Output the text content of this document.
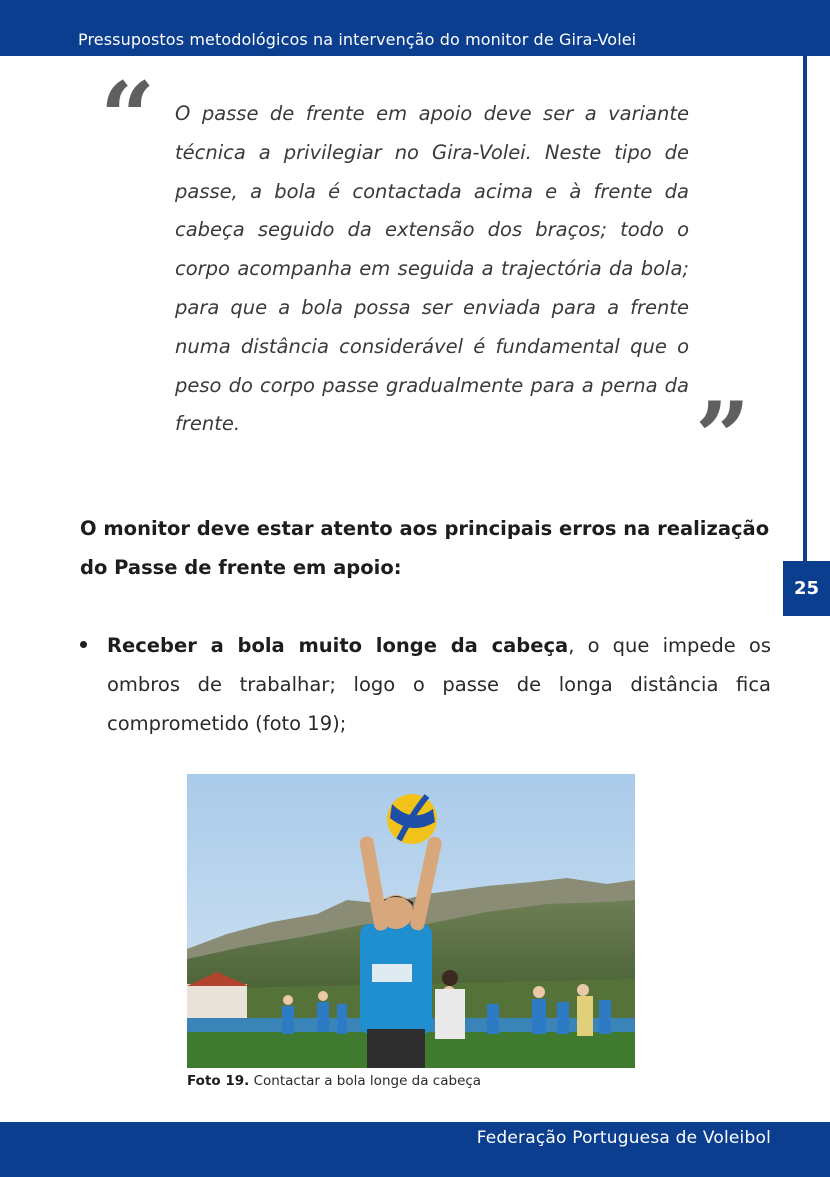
Pressupostos metodológicos na intervenção do monitor de Gira-Volei
25
“ O passe de frente em apoio deve ser a variante técnica a privilegiar no Gira-Volei. Neste tipo de passe, a bola é contactada acima e à frente da cabeça seguido da extensão dos braços; todo o corpo acompanha em seguida a trajectória da bola; para que a bola possa ser enviada para a frente numa distância considerável é fundamental que o peso do corpo passe gradualmente para a perna da frente.	”
O monitor deve estar atento aos principais erros na realização do Passe de frente em apoio:
Receber a bola muito longe da cabeça, o que impede os ombros de trabalhar; logo o passe de longa distância fica comprometido (foto 19);
Foto 19. Contactar a bola longe da cabeça
Federação Portuguesa de Voleibol
